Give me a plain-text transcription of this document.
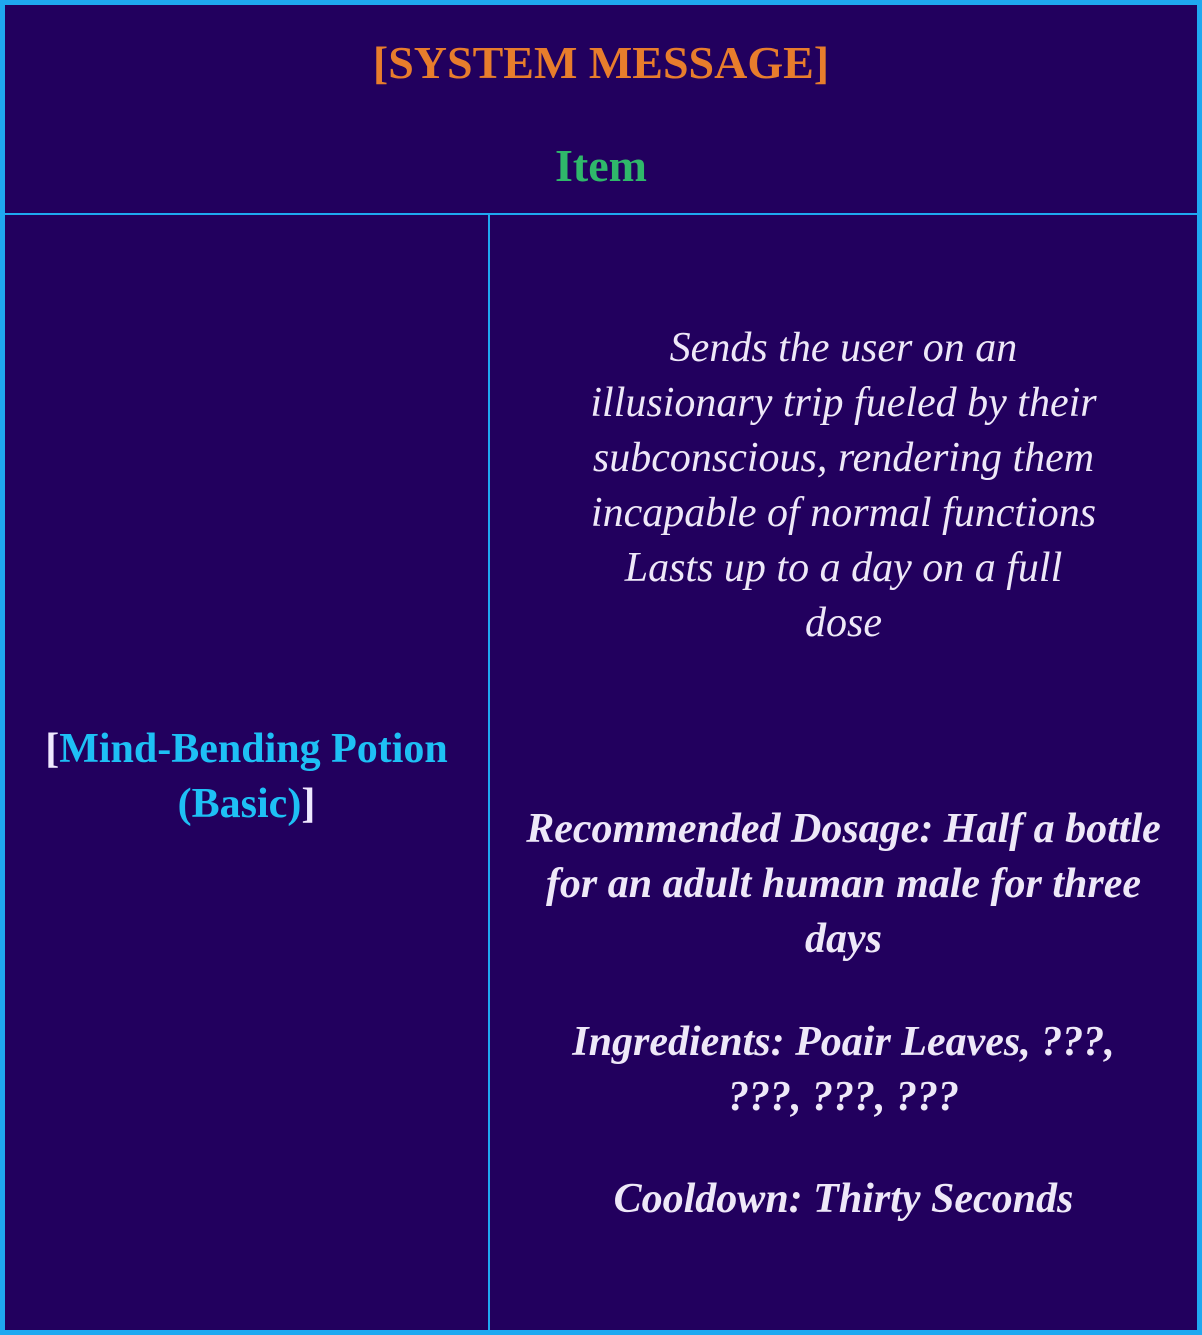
[SYSTEM MESSAGE]
Item
[Mind-Bending Potion (Basic)]
Sends the user on an illusionary trip fueled by their subconscious, rendering them incapable of normal functions Lasts up to a day on a full dose
Recommended Dosage: Half a bottle for an adult human male for three days
Ingredients: Poair Leaves, ???, ???, ???, ???
Cooldown: Thirty Seconds
